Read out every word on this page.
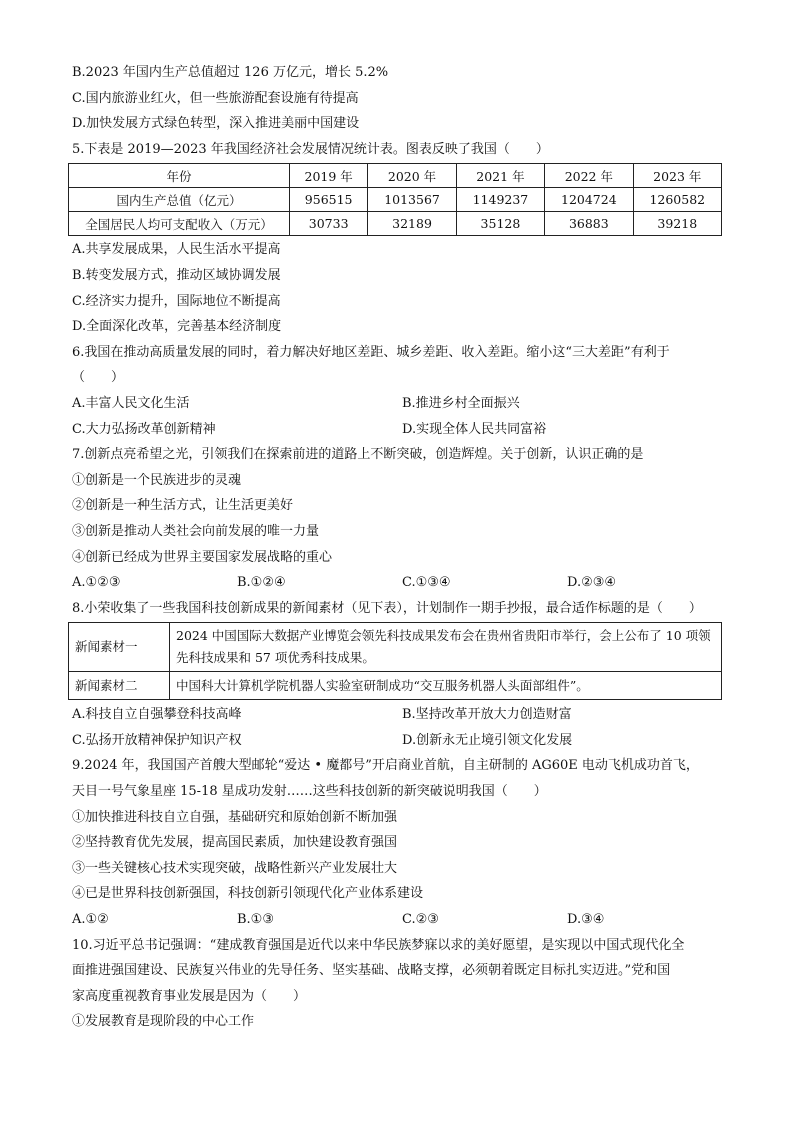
B.2023 年国内生产总值超过 126 万亿元，增长 5.2%
C.国内旅游业红火，但一些旅游配套设施有待提高
D.加快发展方式绿色转型，深入推进美丽中国建设
5.下表是 2019—2023 年我国经济社会发展情况统计表。图表反映了我国（　　）
年份	2019 年	2020 年	2021 年	2022 年	2023 年
国内生产总值（亿元）	956515	1013567	1149237	1204724	1260582
全国居民人均可支配收入（万元）	30733	32189	35128	36883	39218
A.共享发展成果，人民生活水平提高
B.转变发展方式，推动区域协调发展
C.经济实力提升，国际地位不断提高
D.全面深化改革，完善基本经济制度
6.我国在推动高质量发展的同时，着力解决好地区差距、城乡差距、收入差距。缩小这“三大差距”有利于
（　　）
A.丰富人民文化生活	B.推进乡村全面振兴
C.大力弘扬改革创新精神	D.实现全体人民共同富裕
7.创新点亮希望之光，引领我们在探索前进的道路上不断突破，创造辉煌。关于创新，认识正确的是
①创新是一个民族进步的灵魂
②创新是一种生活方式，让生活更美好
③创新是推动人类社会向前发展的唯一力量
④创新已经成为世界主要国家发展战略的重心
A.①②③	B.①②④	C.①③④	D.②③④
8.小荣收集了一些我国科技创新成果的新闻素材（见下表），计划制作一期手抄报，最合适作标题的是（　　）
新闻素材一	2024 中国国际大数据产业博览会领先科技成果发布会在贵州省贵阳市举行，会上公布了 10 项领先科技成果和 57 项优秀科技成果。
新闻素材二	中国科大计算机学院机器人实验室研制成功“交互服务机器人头面部组件”。
A.科技自立自强攀登科技高峰	B.坚持改革开放大力创造财富
C.弘扬开放精神保护知识产权	D.创新永无止境引领文化发展
9.2024 年，我国国产首艘大型邮轮“爱达 • 魔都号”开启商业首航，自主研制的 AG60E 电动飞机成功首飞，
天目一号气象星座 15-18 星成功发射……这些科技创新的新突破说明我国（　　）
①加快推进科技自立自强，基础研究和原始创新不断加强
②坚持教育优先发展，提高国民素质，加快建设教育强国
③一些关键核心技术实现突破，战略性新兴产业发展壮大
④已是世界科技创新强国，科技创新引领现代化产业体系建设
A.①②	B.①③	C.②③	D.③④
10.习近平总书记强调：“建成教育强国是近代以来中华民族梦寐以求的美好愿望，是实现以中国式现代化全
面推进强国建设、民族复兴伟业的先导任务、坚实基础、战略支撑，必须朝着既定目标扎实迈进。”党和国
家高度重视教育事业发展是因为（　　）
①发展教育是现阶段的中心工作
